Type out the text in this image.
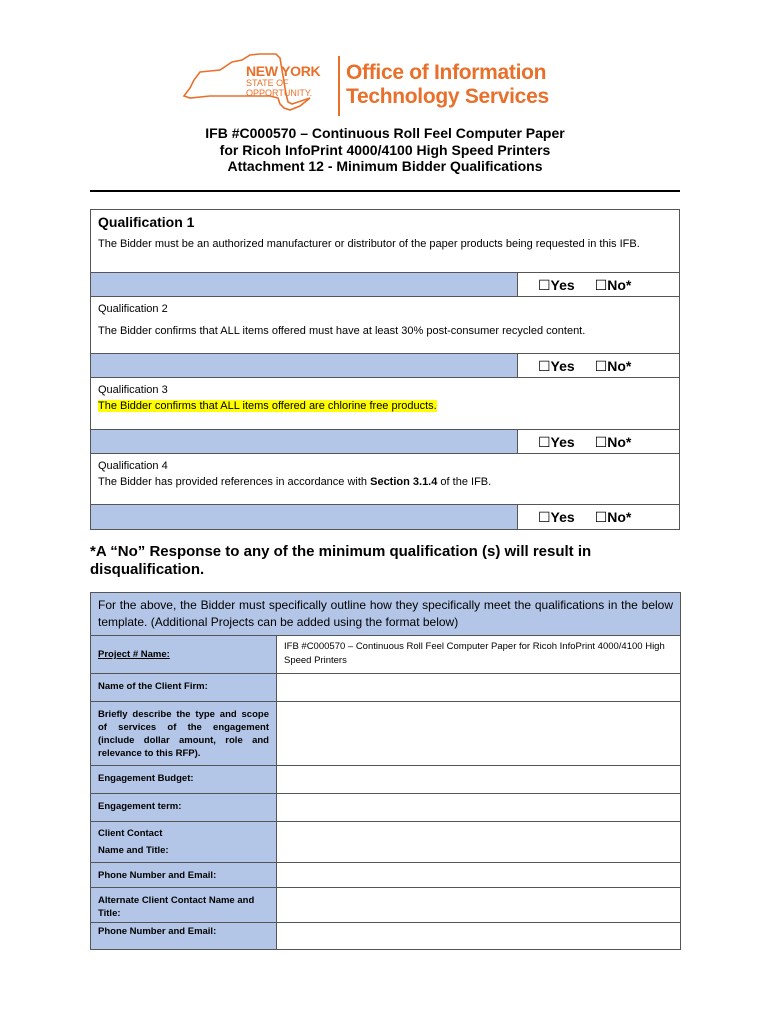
NEW YORK
STATE OF
OPPORTUNITY.
Office of Information
Technology Services
IFB #C000570 – Continuous Roll Feel Computer Paper
for Ricoh InfoPrint 4000/4100 High Speed Printers
Attachment 12 - Minimum Bidder Qualifications
Qualification 1
The Bidder must be an authorized manufacturer or distributor of the paper products being requested in this IFB.
☐Yes ☐No*
Qualification 2
The Bidder confirms that ALL items offered must have at least 30% post-consumer recycled content.
☐Yes ☐No*
Qualification 3
The Bidder confirms that ALL items offered are chlorine free products.
☐Yes ☐No*
Qualification 4
The Bidder has provided references in accordance with Section 3.1.4 of the IFB.
☐Yes ☐No*
*A “No” Response to any of the minimum qualification (s) will result in disqualification.
For the above, the Bidder must specifically outline how they specifically meet the qualifications in the below template. (Additional Projects can be added using the format below)
Project # Name:
IFB #C000570 – Continuous Roll Feel Computer Paper for Ricoh InfoPrint 4000/4100 High Speed Printers
Name of the Client Firm:
Briefly describe the type and scope of services of the engagement (include dollar amount, role and relevance to this RFP).
Engagement Budget:
Engagement term:
Client Contact
Name and Title:
Phone Number and Email:
Alternate Client Contact Name and Title:
Phone Number and Email:
